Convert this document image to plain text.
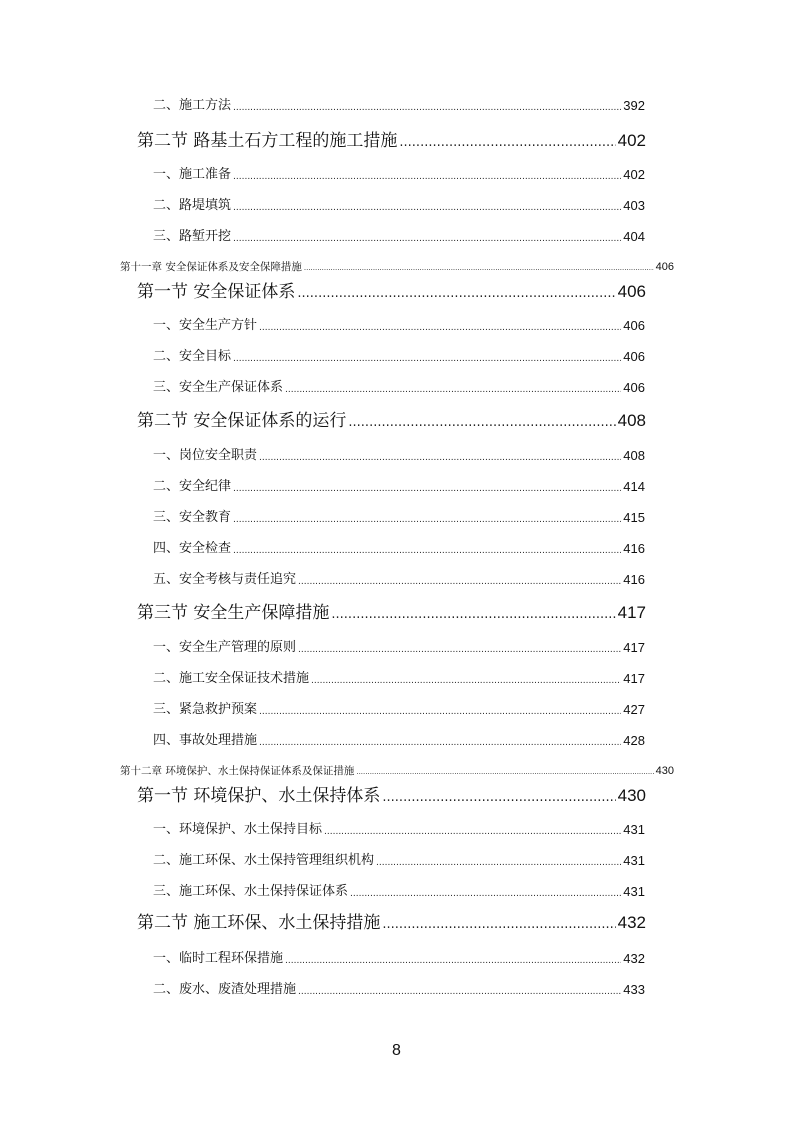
二、施工方法 .....	392
第二节 路基土石方工程的施工措施 .....	402
一、施工准备 .....	402
二、路堤填筑 .....	403
三、路堑开挖 .....	404
第十一章 安全保证体系及安全保障措施 .....	406
第一节 安全保证体系 .....	406
一、安全生产方针 .....	406
二、安全目标 .....	406
三、安全生产保证体系 .....	406
第二节 安全保证体系的运行 .....	408
一、岗位安全职责 .....	408
二、安全纪律 .....	414
三、安全教育 .....	415
四、安全检查 .....	416
五、安全考核与责任追究 .....	416
第三节 安全生产保障措施 .....	417
一、安全生产管理的原则 .....	417
二、施工安全保证技术措施 .....	417
三、紧急救护预案 .....	427
四、事故处理措施 .....	428
第十二章 环境保护、水土保持保证体系及保证措施 .....	430
第一节 环境保护、水土保持体系 .....	430
一、环境保护、水土保持目标 .....	431
二、施工环保、水土保持管理组织机构 .....	431
三、施工环保、水土保持保证体系 .....	431
第二节 施工环保、水土保持措施 .....	432
一、临时工程环保措施 .....	432
二、废水、废渣处理措施 .....	433
8
